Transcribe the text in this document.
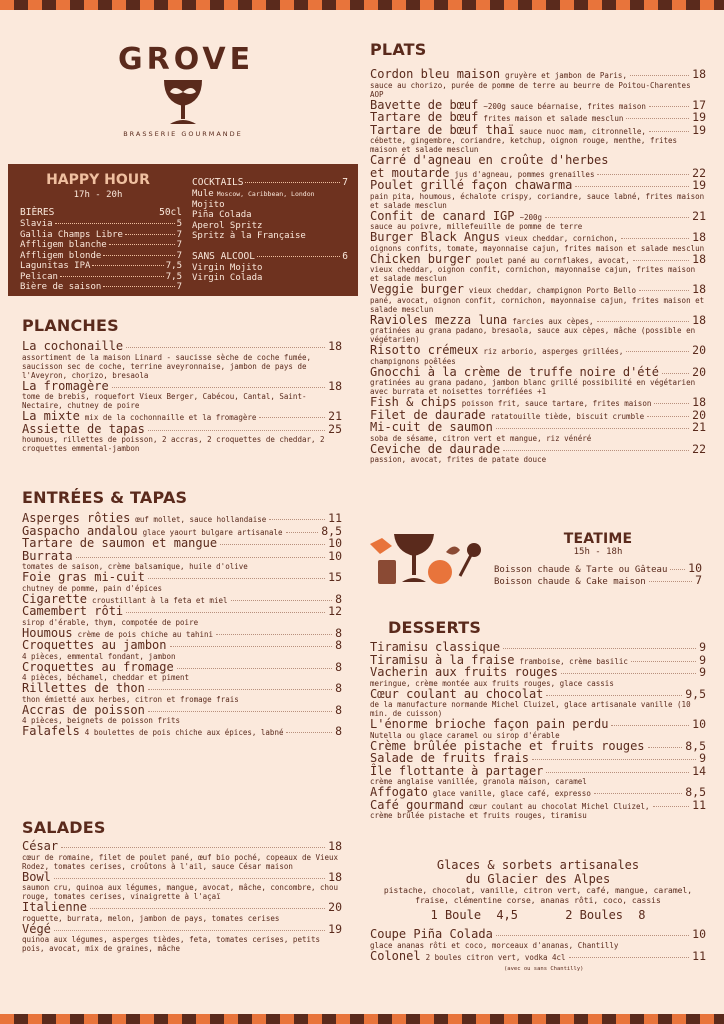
GROVE
BRASSERIE GOURMANDE
HAPPY HOUR
17h - 20h
BIÈRES	50cl
Slavia	5
Gallia Champs Libre	7
Affligem blanche	7
Affligem blonde	7
Lagunitas IPA	7,5
Pelican	7,5
Bière de saison	7
COCKTAILS	7
Mule Moscow, Caribbean, London
Mojito
Piña Colada
Aperol Spritz
Spritz à la Française
SANS ALCOOL	6
Virgin Mojito
Virgin Colada
PLANCHES
La cochonaille	18
assortiment de la maison Linard - saucisse sèche de coche fumée, saucisson sec de coche, terrine aveyronnaise, jambon de pays de l'Aveyron, chorizo, bresaola
La fromagère	18
tome de brebis, roquefort Vieux Berger, Cabécou, Cantal, Saint-Nectaire, chutney de poire
La mixte mix de la cochonnaille et la fromagère	21
Assiette de tapas	25
houmous, rillettes de poisson, 2 accras, 2 croquettes de cheddar, 2 croquettes emmental-jambon
ENTRÉES & TAPAS
Asperges rôties œuf mollet, sauce hollandaise	11
Gaspacho andalou glace yaourt bulgare artisanale	8,5
Tartare de saumon et mangue	10
Burrata	10
tomates de saison, crème balsamique, huile d'olive
Foie gras mi-cuit	15
chutney de pomme, pain d'épices
Cigarette croustillant à la feta et miel	8
Camembert rôti	12
sirop d'érable, thym, compotée de poire
Houmous crème de pois chiche au tahini	8
Croquettes au jambon	8
4 pièces, emmental fondant, jambon
Croquettes au fromage	8
4 pièces, béchamel, cheddar et piment
Rillettes de thon	8
thon émietté aux herbes, citron et fromage frais
Accras de poisson	8
4 pièces, beignets de poisson frits
Falafels 4 boulettes de pois chiche aux épices, labné	8
SALADES
César	18
cœur de romaine, filet de poulet pané, œuf bio poché, copeaux de Vieux Rodez, tomates cerises, croûtons à l'ail, sauce César maison
Bowl	18
saumon cru, quinoa aux légumes, mangue, avocat, mâche, concombre, chou rouge, tomates cerises, vinaigrette à l'açaï
Italienne	20
roquette, burrata, melon, jambon de pays, tomates cerises
Végé	19
quinoa aux légumes, asperges tièdes, feta, tomates cerises, petits pois, avocat, mix de graines, mâche
PLATS
Cordon bleu maison gruyère et jambon de Paris,	18
sauce au chorizo, purée de pomme de terre au beurre de Poitou-Charentes AOP
Bavette de bœuf ~200g sauce béarnaise, frites maison	17
Tartare de bœuf frites maison et salade mesclun	19
Tartare de bœuf thaï sauce nuoc mam, citronnelle,	19
cébette, gingembre, coriandre, ketchup, oignon rouge, menthe, frites maison et salade mesclun
Carré d'agneau en croûte d'herbes
et moutarde jus d'agneau, pommes grenailles	22
Poulet grillé façon chawarma	19
pain pita, houmous, échalote crispy, coriandre, sauce labné, frites maison et salade mesclun
Confit de canard IGP ~200g	21
sauce au poivre, millefeuille de pomme de terre
Burger Black Angus vieux cheddar, cornichon,	18
oignons confits, tomate, mayonnaise cajun, frites maison et salade mesclun
Chicken burger poulet pané au cornflakes, avocat,	18
vieux cheddar, oignon confit, cornichon, mayonnaise cajun, frites maison et salade mesclun
Veggie burger vieux cheddar, champignon Porto Bello	18
pané, avocat, oignon confit, cornichon, mayonnaise cajun, frites maison et salade mesclun
Ravioles mezza luna farcies aux cèpes,	18
gratinées au grana padano, bresaola, sauce aux cèpes, mâche (possible en végétarien)
Risotto crémeux riz arborio, asperges grillées,	20
champignons poêlées
Gnocchi à la crème de truffe noire d'été	20
gratinées au grana padano, jambon blanc grillé possibilité en végétarien avec burrata et noisettes torréfiées +1
Fish & chips poisson frit, sauce tartare, frites maison	18
Filet de daurade ratatouille tiède, biscuit crumble	20
Mi-cuit de saumon	21
soba de sésame, citron vert et mangue, riz vénéré
Ceviche de daurade	22
passion, avocat, frites de patate douce
TEATIME
15h - 18h
Boisson chaude & Tarte ou Gâteau 10
Boisson chaude & Cake maison	7
DESSERTS
Tiramisu classique	9
Tiramisu à la fraise framboise, crème basilic	9
Vacherin aux fruits rouges	9
meringue, crème montée aux fruits rouges, glace cassis
Cœur coulant au chocolat	9,5
de la manufacture normande Michel Cluizel, glace artisanale vanille (10 min. de cuisson)
L'énorme brioche façon pain perdu	10
Nutella ou glace caramel ou sirop d'érable
Crème brûlée pistache et fruits rouges	8,5
Salade de fruits frais	9
Île flottante à partager	14
crème anglaise vanillée, granola maison, caramel
Affogato glace vanille, glace café, expresso	8,5
Café gourmand cœur coulant au chocolat Michel Cluizel,	11
crème brûlée pistache et fruits rouges, tiramisu
Glaces & sorbets artisanales
du Glacier des Alpes
pistache, chocolat, vanille, citron vert, café, mangue, caramel, fraise, clémentine corse, ananas rôti, coco, cassis
1 Boule 4,5	2 Boules 8
Coupe Piña Colada	10
glace ananas rôti et coco, morceaux d'ananas, Chantilly
Colonel 2 boules citron vert, vodka 4cl	11
(avec ou sans Chantilly)
